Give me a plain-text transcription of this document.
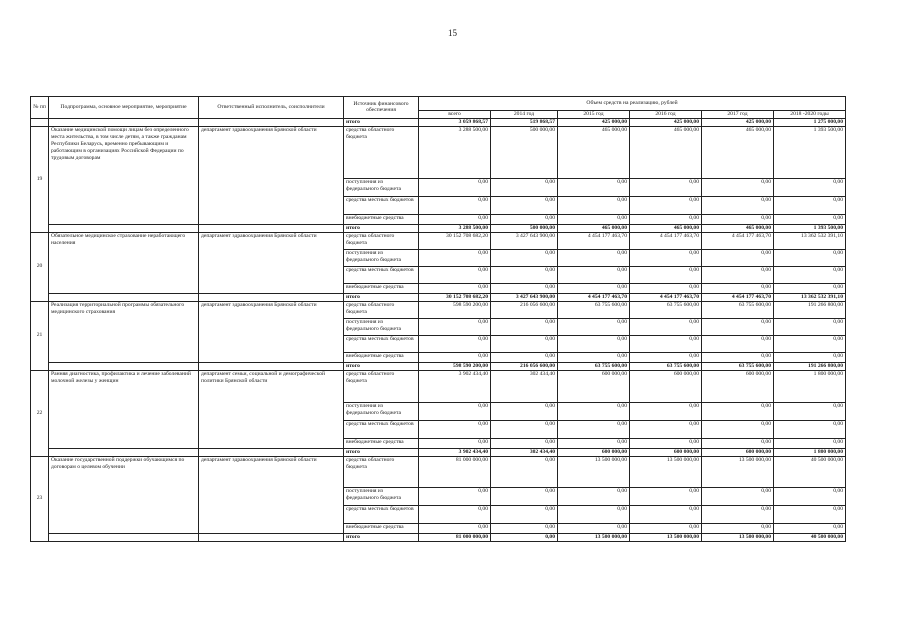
15
№ пп	Подпрограмма, основное мероприятие, мероприятие	Ответственный исполнитель, соисполнители	Источник финансового обеспечения	Объем средств на реализацию, рублей					
				всего	2014 год	2015 год	2016 год	2017 год	2018 -2020 годы
			итого	3 059 868,57	519 868,57	425 000,00	425 000,00	425 000,00	1 275 000,00
19	Оказание медицинской помощи лицам без определенного места жительства, в том числе детям, а также гражданам Республики Беларусь, временно пребывающим и работающим в организациях Российской Федерации по трудовым договорам	департамент здравоохранения Брянской области	средства областного бюджета	3 288 500,00	500 000,00	465 000,00	465 000,00	465 000,00	1 393 500,00
			поступления из федерального бюджета	0,00	0,00	0,00	0,00	0,00	0,00
			средства местных бюджетов	0,00	0,00	0,00	0,00	0,00	0,00
			внебюджетные средства	0,00	0,00	0,00	0,00	0,00	0,00
			итого	3 288 500,00	500 000,00	465 000,00	465 000,00	465 000,00	1 393 500,00
20	Обязательное медицинское страхование неработающего населения	департамент здравоохранения Брянской области	средства областного бюджета	30 152 708 682,20	3 427 643 900,00	4 454 177 463,70	4 454 177 463,70	4 454 177 463,70	13 362 532 391,10
			поступления из федерального бюджета	0,00	0,00	0,00	0,00	0,00	0,00
			средства местных бюджетов	0,00	0,00	0,00	0,00	0,00	0,00
			внебюджетные средства	0,00	0,00	0,00	0,00	0,00	0,00
			итого	30 152 708 682,20	3 427 643 900,00	4 454 177 463,70	4 454 177 463,70	4 454 177 463,70	13 362 532 391,10
21	Реализация территориальной программы обязательного медицинского страхования	департамент здравоохранения Брянской области	средства областного бюджета	598 590 200,00	216 056 600,00	63 755 600,00	63 755 600,00	63 755 600,00	191 266 800,00
			поступления из федерального бюджета	0,00	0,00	0,00	0,00	0,00	0,00
			средства местных бюджетов	0,00	0,00	0,00	0,00	0,00	0,00
			внебюджетные средства	0,00	0,00	0,00	0,00	0,00	0,00
			итого	598 590 200,00	216 056 600,00	63 755 600,00	63 755 600,00	63 755 600,00	191 266 800,00
22	Ранняя диагностика, профилактика и лечение заболеваний молочной железы у женщин	департамент семьи, социальной и демографической политики Брянской области	средства областного бюджета	3 902 434,40	302 434,40	600 000,00	600 000,00	600 000,00	1 800 000,00
			поступления из федерального бюджета	0,00	0,00	0,00	0,00	0,00	0,00
			средства местных бюджетов	0,00	0,00	0,00	0,00	0,00	0,00
			внебюджетные средства	0,00	0,00	0,00	0,00	0,00	0,00
			итого	3 902 434,40	302 434,40	600 000,00	600 000,00	600 000,00	1 800 000,00
23	Оказание государственной поддержки обучающимся по договорам о целевом обучении	департамент здравоохранения Брянской области	средства областного бюджета	81 000 000,00	0,00	13 500 000,00	13 500 000,00	13 500 000,00	40 500 000,00
			поступления из федерального бюджета	0,00	0,00	0,00	0,00	0,00	0,00
			средства местных бюджетов	0,00	0,00	0,00	0,00	0,00	0,00
			внебюджетные средства	0,00	0,00	0,00	0,00	0,00	0,00
			итого	81 000 000,00	0,00	13 500 000,00	13 500 000,00	13 500 000,00	40 500 000,00
